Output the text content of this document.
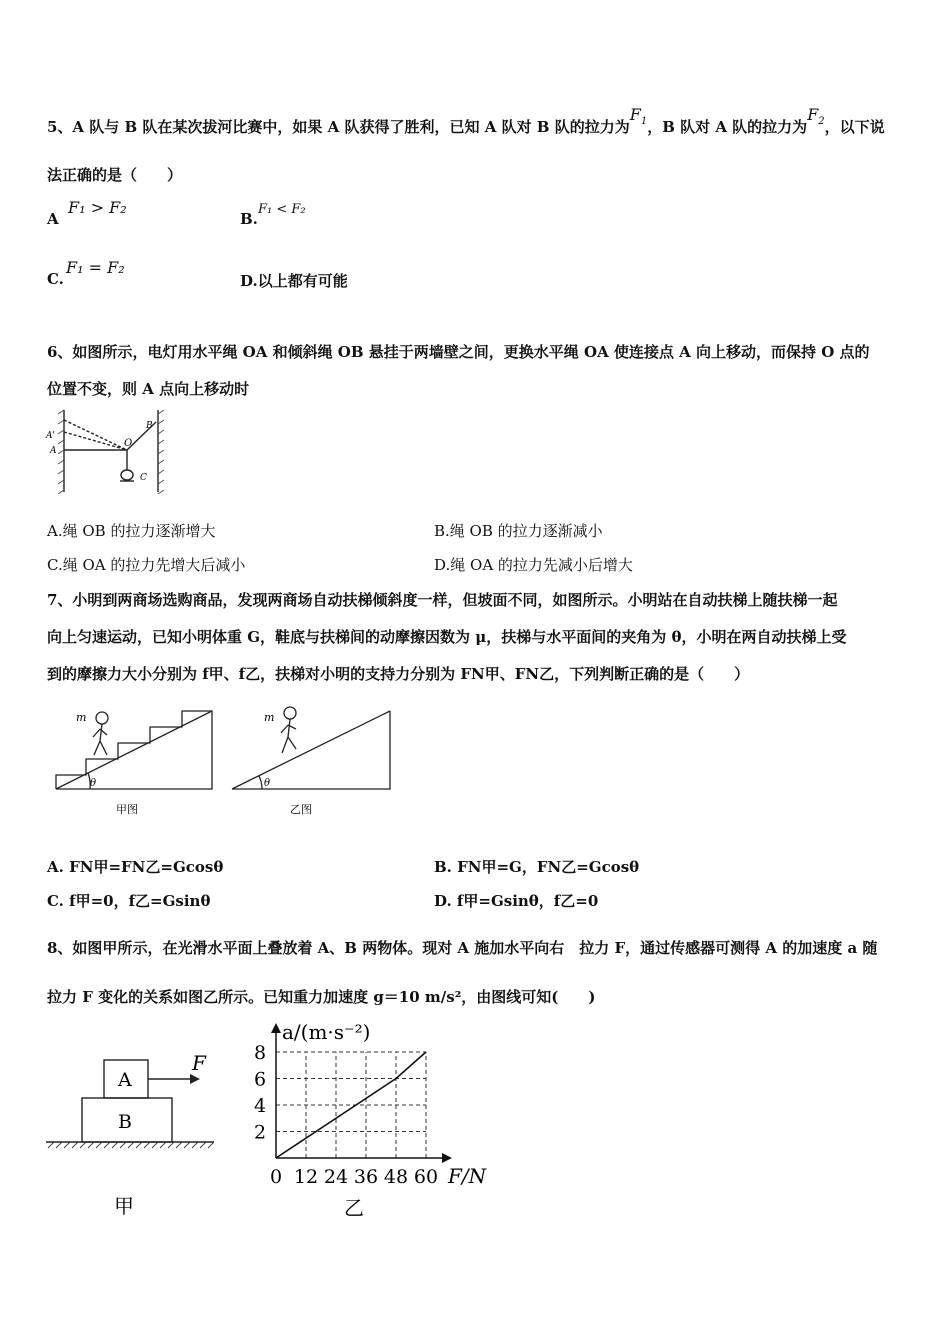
5、A 队与 B 队在某次拔河比赛中，如果 A 队获得了胜利，已知 A 队对 B 队的拉力为$F_1$，B 队对 A 队的拉力为$F_2$，以下说
法正确的是（　　）
A
F₁ > F₂
B.
F₁ < F₂
C.
F₁ = F₂
D.以上都有可能
6、如图所示，电灯用水平绳 OA 和倾斜绳 OB 悬挂于两墙壁之间，更换水平绳 OA 使连接点 A 向上移动，而保持 O 点的
位置不变，则 A 点向上移动时
A'
A
O
B
C
A.绳 OB 的拉力逐渐增大	B.绳 OB 的拉力逐渐减小
C.绳 OA 的拉力先增大后减小	D.绳 OA 的拉力先减小后增大
7、小明到两商场选购商品，发现两商场自动扶梯倾斜度一样，但坡面不同，如图所示。小明站在自动扶梯上随扶梯一起
向上匀速运动，已知小明体重 G，鞋底与扶梯间的动摩擦因数为 μ，扶梯与水平面间的夹角为 θ，小明在两自动扶梯上受
到的摩擦力大小分别为 f甲、f乙，扶梯对小明的支持力分别为 FN甲、FN乙，下列判断正确的是（　　）
m
θ
甲图
m
θ
乙图
A. FN甲=FN乙=Gcosθ	B. FN甲=G，FN乙=Gcosθ
C. f甲=0，f乙=Gsinθ	D. f甲=Gsinθ，f乙=0
8、如图甲所示，在光滑水平面上叠放着 A、B 两物体。现对 A 施加水平向右　拉力 F，通过传感器可测得 A 的加速度 a 随
拉力 F 变化的关系如图乙所示。已知重力加速度 g＝10 m/s²，由图线可知(　　)
A
B
F
甲
0 12 24 36 48 60
2
4
6
8
a/(m·s⁻²)
F/N
乙
